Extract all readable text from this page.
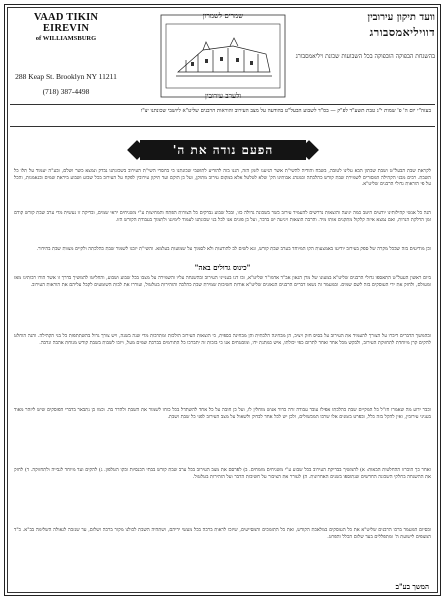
VAAD TIKIN EIREVIN
of WILLIAMSBURG
288 Keap St. Brooklyn NY 11211
(718) 387-4498
שמרים לשמרון
ולערב עירובין
וועד תיקון עירובין
דוויליאמסבורג
בהשגחת הבפוקה הובפוקה בכל השבועות שכונת ויליאמסבורג
בעזה"י יום ה' פ' שמות י"ג טבת תשע"ד לפ"ק — בס"ד לשבוע הבעל"ט בהודעה על מצב העירוב והוראות הרבנים שליט"א ליושבי שכונתנו יצ"ו
הפעם נודה את ה'
לקראת שבת הבעל"ט ושבת שבתון הבא עלינו לטובה, בשבח והודיה להשי"ת אשר הגיענו לזמן הזה, הננו בזה להודיע לתושבי שכונתנו כי בחסדי השי"ת העירוב בשכונתנו נבדק ונמצא כשר ושלם, ובע"ה יעמוד על תלו כל השבת. רבים מבני הקהילה המסורים לשמירת שבת קודש כהלכתה וכמנהג אבותינו הק' שלא לטלטל אלא במקום עירוב מתוקן, ועל כן הוקם ועד תיקון עירובין לפקח על העירוב בכל שבוע ושבוע ביראת שמים ובנאמנות, והכל על פי הוראות גדולי הרבנים שליט"א.
הנה כל אנשי קהילותינו יודעים היטב כמה יגיעה והוצאות נדרשים להעמיד עירוב כשר בשכונה גדולה כזו, ובכל שבוע נבדקים כל הצורות הפתח והמחיצות ע"י משגיחים יראי שמים, ובדיקה זו נעשית מדי ערב שבת קודש קודם זמן הדלקת הנרות, ואם נמצא איזה קלקול מתקנים אותו מיד. והרבה הוצאות ויגיעה יש בדבר, ועל כן פונים אנו לכל בני שכונתנו לעמוד לימיננו ולתמוך בעבודת הקודש הזו.
וכן מודיעים בזה שבכל מקרה של ספק בעירוב יודיעו באמצעות הקו המיוחד בערב שבת קודש, ונא לשים לב להודעות ולא לסמוך על שמועות בעלמא. והשי"ת יזכנו לשמור שבת כהלכתה ולקיים מצוות שבת בהידור.
"כינוס גדולים באה"
ביום ראשון העעל"ט התאספו גדולי הרבנים שליט"א במעונו של מרן הגאון אב"ד אדמו"ר שליט"א, ובו דנו בענייני העירוב ובהשגחה עליו והשמירה על מצבו בכל שבוע ושבוע, והחליטו להמשיך בדרך זו אשר הורו רבותינו מאז ומעולם, ולחזק את ידי העוסקים בזה לשם שמים. ובמעמד זה נשאו דברים הרבנים הגאונים שליט"א אודות חשיבות שמירת שבת כהלכה והזהירות בטלטול, ועוררו את לבות השומעים לקבל עליהם את הוראות העירוב.
ובהמשך הדברים דיברו על הצורך להעמיד את העירוב על בסיס חזק ויציב, הן מבחינה הלכתית והן מבחינה כספית, כי הוצאות העירוב הולכות ומתרבות מדי שנה בשנה, ויש צורך גדול בהשתתפות כל בני הקהילה. והנה הוחלט להקים קרן מיוחדת לתחזוקת העירוב, ולבקש מכל אחד ואחד לתרום כפי יכולתו, איש כמתנת ידו, ומובטחים אנו כי בזכות זה יתברכו כל התורמים בברכת שמים מעל, ויזכו לשבות בשבת קודש מנוחת אהבה ונדבה.
וכבר ידוע מה שאמרו חז"ל כל המקיים שבת כהלכתו אפילו עובד עבודה זרה כדור אנוש מוחלין לו, ועל כן חובה על כל אחד להשתדל בכל כוחו לשמור את השבת ולהדר בה. וכמו כן נתבאר בדברי הפוסקים שיש ליזהר מאוד בעניני עירובין, ואין להקל בזה כלל, ובפרט בזמנים אלו שרבו המכשולים, ולכן יש לכל אחד לבדוק ולשאול על מצב העירוב לפני כל שבת ושבת.
ואחר כך הוכרזו ההחלטות הבאות: א) להמשיך בבדיקת העירוב בכל שבוע ע"י משגיחים מומחים. ב) לפרסם את מצב העירוב בכל ערב שבת קודש בבתי הכנסיות ובקו הטלפון. ג) להקים ועד מיוחד לגבייה ולתחזוקה. ד) לחזק את ההשגחה בחלקי השכונה החדשים שנתוספו בשנים האחרונות. ה) לעורר את הציבור על חשיבות הדבר ועל הזהירות בטלטול.
ובסיום המעמד ברכו הרבנים שליט"א את כל העוסקים במלאכת הקודש, ואת כל התומכים והמסייעים, שיזכו לראות ברכה בכל מעשי ידיהם, ושתהיה השבת לכולנו מקור ברכה ושלום, עד שנזכה לגאולה השלימה בב"א. כ"ד המצפים לישועת ה' ומתפללים בעד שלום הכלל והפרט.
המשך בע"ב
